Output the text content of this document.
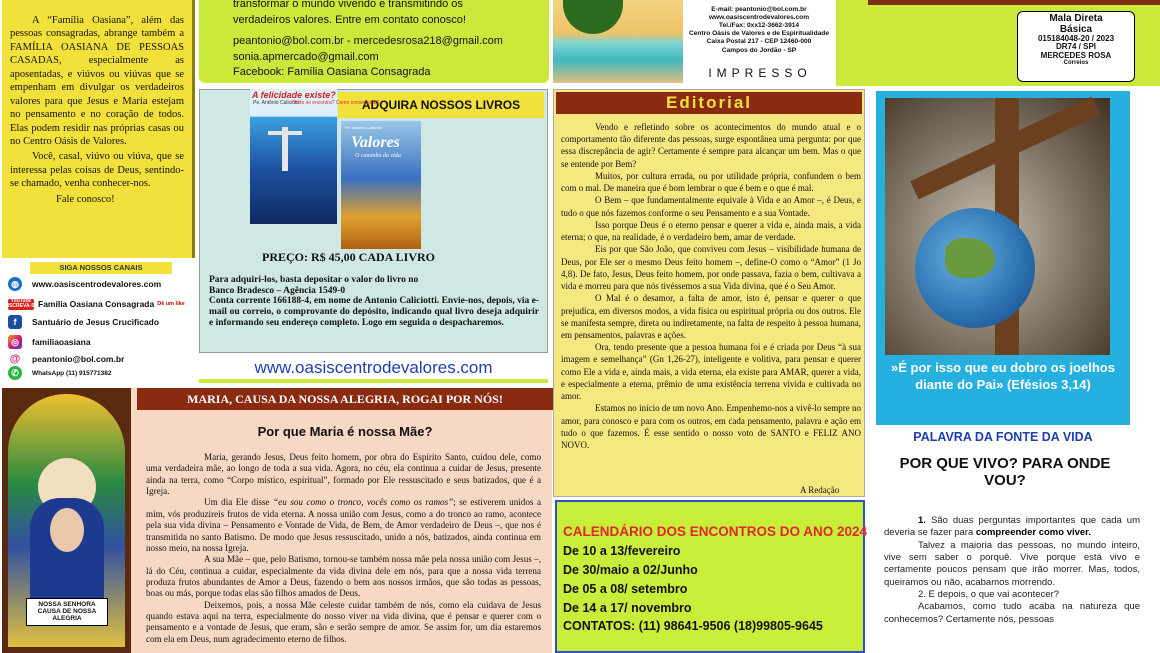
A “Família Oasiana”, além das pessoas consagradas, abrange também a FAMÍLIA OASIANA DE PESSOAS CASADAS, especialmente as aposentadas, e viúvos ou viúvas que se empenham em divulgar os verdadeiros valores para que Jesus e Maria estejam no pensamento e no coração de todos. Elas podem residir nas próprias casas ou no Centro Oásis de Valores.

Você, casal, viúvo ou viúva, que se interessa pelas coisas de Deus, sentindo-se chamado, venha conhecer-nos.

Fale conosco!

SIGA NOSSOS CANAIS
◍	www.oasiscentrodevalores.com
YouTube
INSCREVA-SE Família Oasiana Consagrada Dê um like
f	Santuário de Jesus Crucificado
◎	familiaoasiana
@ peantonio@bol.com.br
✆	WhatsApp (11) 915771382
transformar o mundo vivendo e transmitindo os
verdadeiros valores. Entre em contato conosco!
peantonio@bol.com.br - mercedesrosa218@gmail.com
sonia.apmercado@gmail.com
Facebook: Família Oasiana Consagrada
ADQUIRA NOSSOS LIVROS
A felicidade existe?
Pe. Antônio Caliciotti
Onde se encontra? Como conseguí-la?
Pe. Antonio Caliciotti
Valores
O caminho da vida
PREÇO: R$ 45,00 CADA LIVRO

Para adquiri-los, basta depositar o valor do livro no

Banco Bradesco – Agência 1549-0

Conta corrente 166188-4, em nome de Antonio Caliciotti. Envie-nos, depois, via e-mail ou correio, o comprovante do depósito, indicando qual livro deseja adquirir e informando seu endereço completo. Logo em seguida o despacharemos.

www.oasiscentrodevalores.com
E-mail: peantonio@bol.com.br
www.oasiscentrodevalores.com
Tel./Fax: 0xx12-3662-3914
Centro Oásis de Valores e de Espiritualidade
Caixa Postal 217 - CEP 12460-000
Campos do Jordão - SP
IMPRESSO
Mala Direta
Básica
015184048-20 / 2023
DR74 / SPI
MERCEDES ROSA
Correios
Editorial

Vendo e refletindo sobre os acontecimentos do mundo atual e o comportamento tão diferente das pessoas, surge espontânea uma pergunta: por que essa discrepância de agir? Certamente é sempre para alcançar um bem. Mas o que se entende por Bem?

Muitos, por cultura errada, ou por utilidade própria, confundem o bem com o mal. De maneira que é bom lembrar o que é bem e o que é mal.

O Bem – que fundamentalmente equivale à Vida e ao Amor –, é Deus, e tudo o que nós fazemos conforme o seu Pensamento e a sua Vontade.

Isso porque Deus é o eterno pensar e querer a vida e, ainda mais, a vida eterna; o que, na realidade, é o verdadeiro bem, amar de verdade.

Eis por que São João, que conviveu com Jesus – visibilidade humana de Deus, por Ele ser o mesmo Deus feito homem –, define-O como o “Amor” (1 Jo 4,8). De fato, Jesus, Deus feito homem, por onde passava, fazia o bem, cultivava a vida e morreu para que nós tivéssemos a sua Vida divina, que é o Seu Amor.

O Mal é o desamor, a falta de amor, isto é, pensar e querer o que prejudica, em diversos modos, a vida física ou espiritual própria ou dos outros. Ele se manifesta sempre, direta ou indiretamente, na falta de respeito à pessoa humana, em pensamentos, palavras e ações.

Ora, tendo presente que a pessoa humana foi e é criada por Deus “à sua imagem e semelhança” (Gn 1,26-27), inteligente e volitiva, para pensar e querer como Ele a vida e, ainda mais, a vida eterna, ela existe para AMAR, querer a vida, e especialmente a eterna, prêmio de uma existência terrena vivida e cultivada no amor.

Estamos no início de um novo Ano. Empenhemo-nos a vivê-lo sempre no amor, para conosco e para com os outros, em cada pensamento, palavra e ação em tudo o que fazemos. É esse sentido o nosso voto de SANTO e FELIZ ANO NOVO.

A Redação
CALENDÁRIO DOS ENCONTROS DO ANO 2024
De 10 a 13/fevereiro
De 30/maio a 02/Junho
De 05 a 08/ setembro
De 14 a 17/ novembro
CONTATOS: (11) 98641-9506 (18)99805-9645
»É por isso que eu dobro os joelhos diante do Pai» (Efésios 3,14)
PALAVRA DA FONTE DA VIDA
POR QUE VIVO? PARA ONDE VOU?

1. São duas perguntas importantes que cada um deveria se fazer para compreender como viver.

Talvez a maioria das pessoas, no mundo inteiro, vive sem saber o porquê. Vive porque está vivo e certamente poucos pensam que irão morrer. Mas, todos, queiramos ou não, acabamos morrendo.

2. E depois, o que vai acontecer?

Acabamos, como tudo acaba na natureza que conhecemos? Certamente nós, pessoas

NOSSA SENHORA CAUSA DE NOSSA ALEGRIA
MARIA, CAUSA DA NOSSA ALEGRIA, ROGAI POR NÓS!
Por que Maria é nossa Mãe?

Maria, gerando Jesus, Deus feito homem, por obra do Espírito Santo, cuidou dele, como uma verdadeira mãe, ao longo de toda a sua vida. Agora, no céu, ela continua a cuidar de Jesus, presente ainda na terra, como “Corpo místico, espiritual”, formado por Ele ressuscitado e seus batizados, que é a Igreja.

Um dia Ele disse “eu sou como o tronco, vocês como os ramos”; se estiverem unidos a mim, vós produzireis frutos de vida eterna. A nossa união com Jesus, como a do tronco ao ramo, acontece pela sua vida divina – Pensamento e Vontade de Vida, de Bem, de Amor verdadeiro de Deus –, que nos é transmitida no santo Batismo. De modo que Jesus ressuscitado, unido a nós, batizados, ainda continua em nosso meio, na nossa Igreja.

A sua Mãe – que, pelo Batismo, tornou-se também nossa mãe pela nossa união com Jesus –, lá do Céu, continua a cuidar, especialmente da vida divina dele em nós, para que a nossa vida terrena produza frutos abundantes de Amor a Deus, fazendo o bem aos nossos irmãos, que são todas as pessoas, boas ou más, porque todas elas são filhos amados de Deus.

Deixemos, pois, a nossa Mãe celeste cuidar também de nós, como ela cuidava de Jesus quando estava aqui na terra, especialmente do nosso viver na vida divina, que é pensar e querer com o pensamento e a vontade de Jesus, que eram, são e serão sempre de amor. Se assim for, um dia estaremos com ela em Deus, num agradecimento eterno de filhos.
